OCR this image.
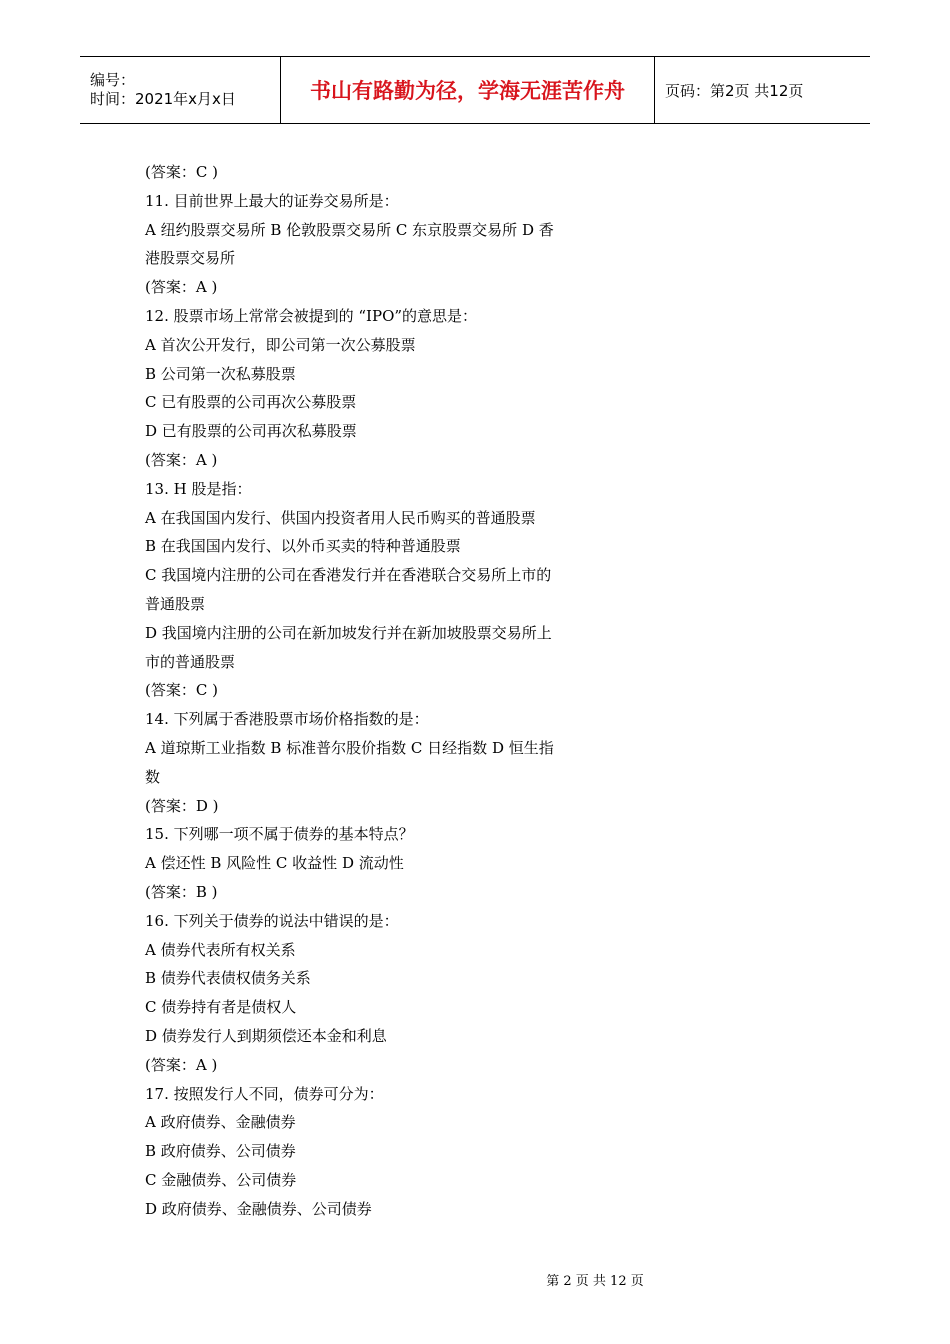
编号：
时间：2021年x月x日	书山有路勤为径，学海无涯苦作舟	页码：第2页 共12页
(答案：C )
11. 目前世界上最大的证券交易所是：
A 纽约股票交易所 B 伦敦股票交易所 C 东京股票交易所 D 香
港股票交易所
(答案：A )
12. 股票市场上常常会被提到的 “IPO”的意思是：
A 首次公开发行，即公司第一次公募股票
B 公司第一次私募股票
C 已有股票的公司再次公募股票
D 已有股票的公司再次私募股票
(答案：A )
13. H 股是指：
A 在我国国内发行、供国内投资者用人民币购买的普通股票
B 在我国国内发行、以外币买卖的特种普通股票
C 我国境内注册的公司在香港发行并在香港联合交易所上市的
普通股票
D 我国境内注册的公司在新加坡发行并在新加坡股票交易所上
市的普通股票
(答案：C )
14. 下列属于香港股票市场价格指数的是：
A 道琼斯工业指数 B 标准普尔股价指数 C 日经指数 D 恒生指
数
(答案：D )
15. 下列哪一项不属于债券的基本特点？
A 偿还性 B 风险性 C 收益性 D 流动性
(答案：B )
16. 下列关于债券的说法中错误的是：
A 债券代表所有权关系
B 债券代表债权债务关系
C 债券持有者是债权人
D 债券发行人到期须偿还本金和利息
(答案：A )
17. 按照发行人不同，债券可分为：
A 政府债券、金融债券
B 政府债券、公司债券
C 金融债券、公司债券
D 政府债券、金融债券、公司债券
第 2 页 共 12 页
